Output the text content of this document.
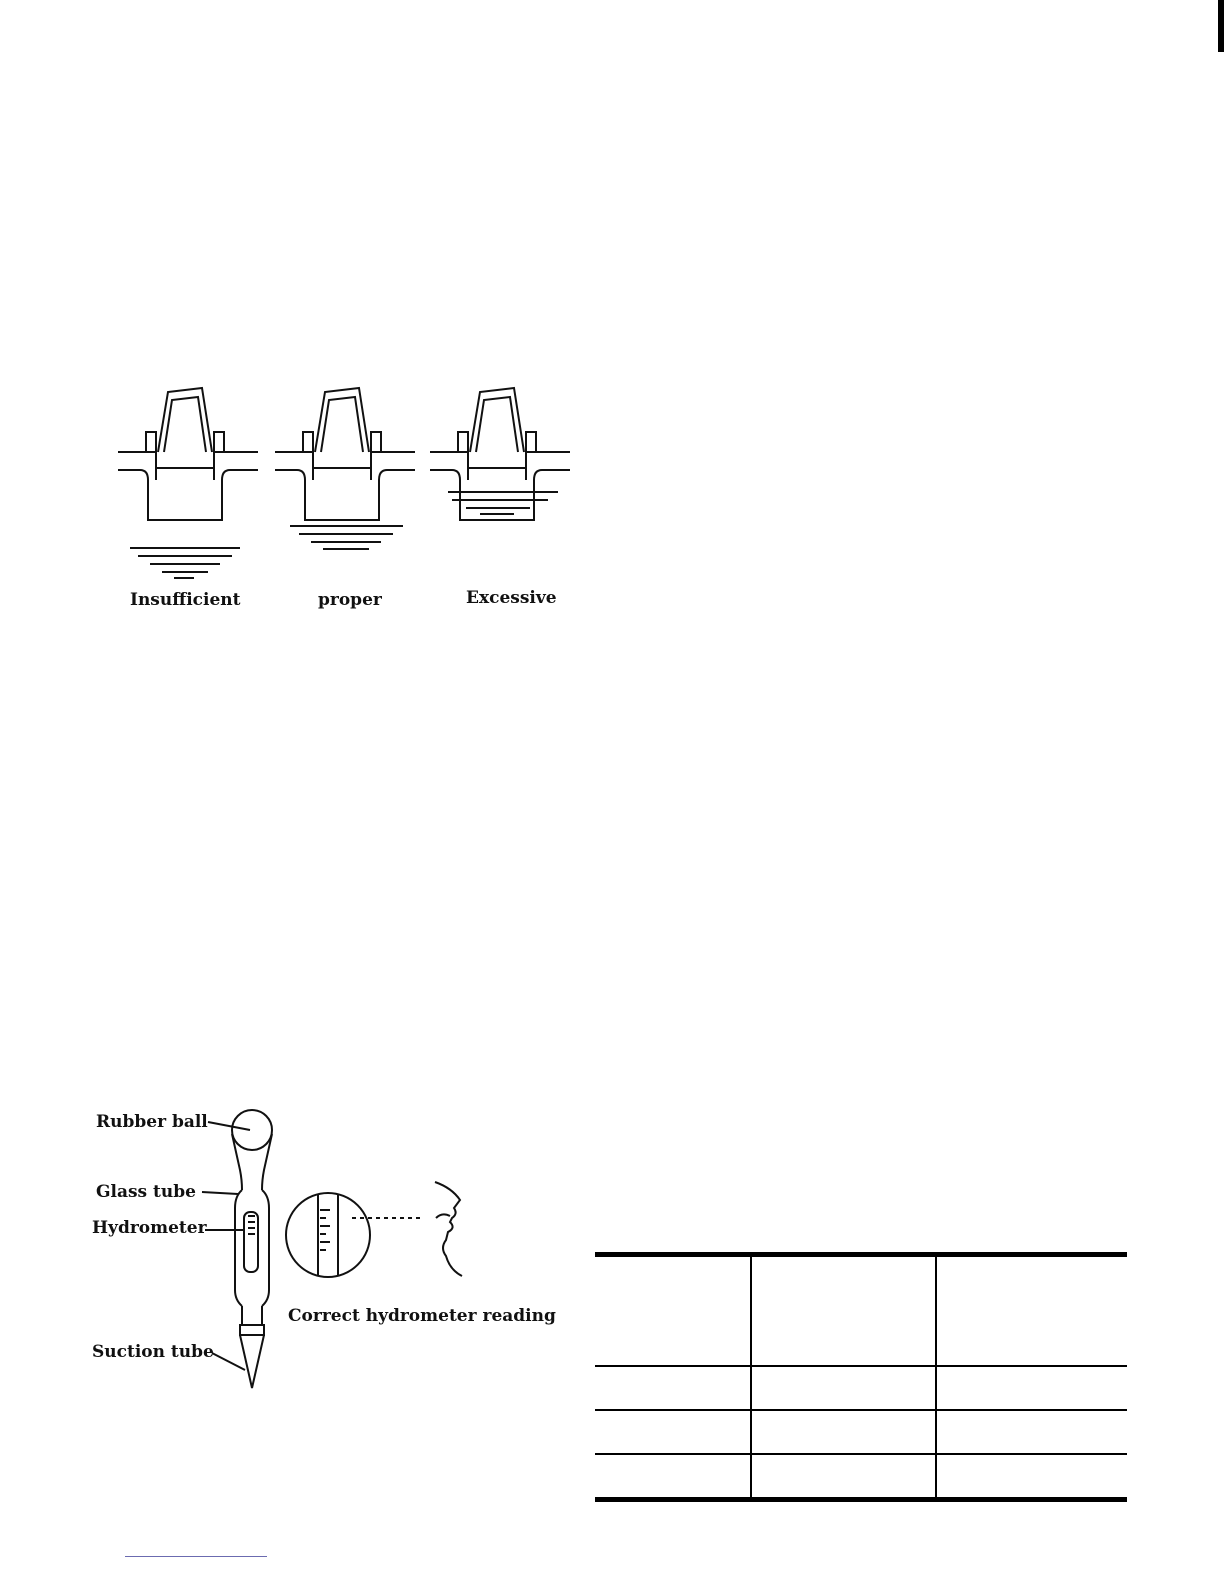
Insufficient	proper	Excessive
Rubber ball
Glass tube
Hydrometer
Suction tube
Correct hydrometer reading
